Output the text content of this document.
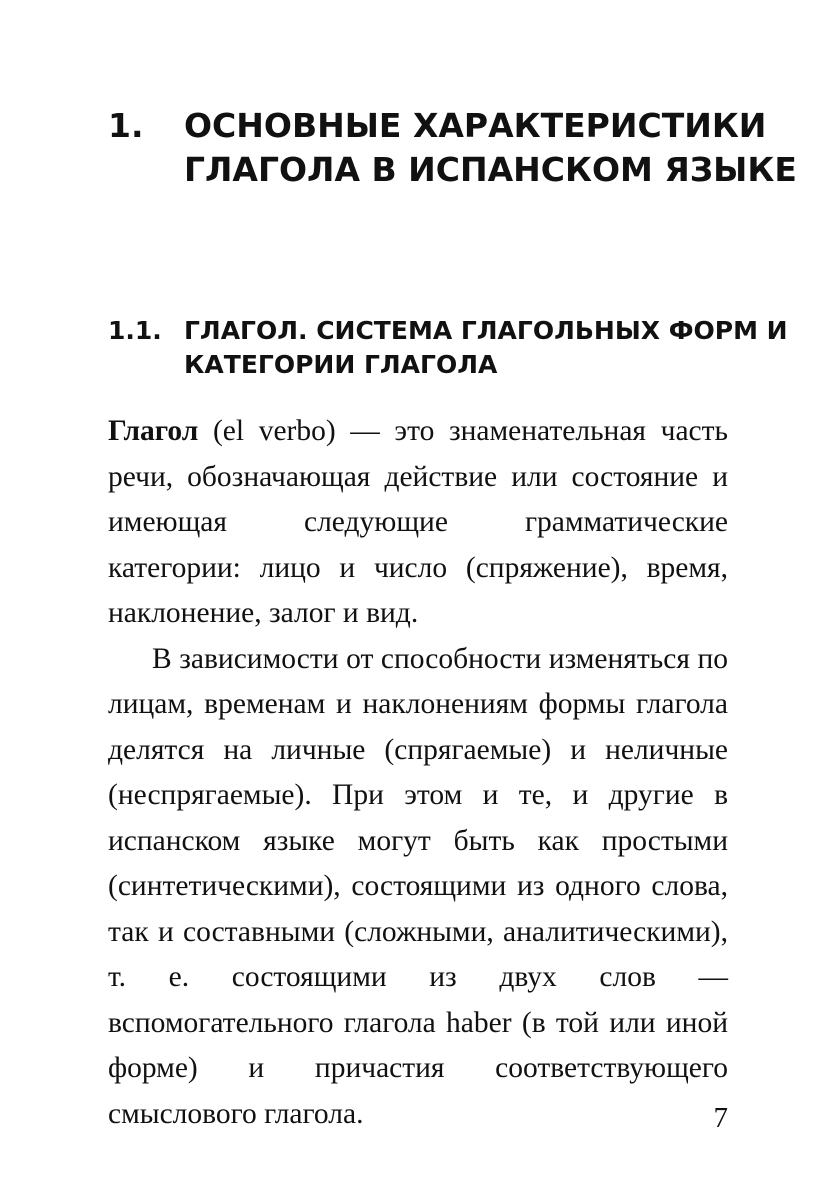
1.	ОСНОВНЫЕ ХАРАКТЕРИСТИКИ ГЛАГОЛА В ИСПАНСКОМ ЯЗЫКЕ
1.1. ГЛАГОЛ. СИСТЕМА ГЛАГОЛЬНЫХ ФОРМ И КАТЕГОРИИ ГЛАГОЛА

Глагол (el verbo) — это знаменательная часть речи, обозначающая действие или состояние и имеющая следующие грамматические категории: лицо и число (спряжение), время, наклонение, залог и вид.

В зависимости от способности изменяться по лицам, временам и наклонениям формы глагола делятся на личные (спрягаемые) и неличные (неспрягаемые). При этом и те, и другие в испанском языке могут быть как простыми (синтетическими), состоящими из одного слова, так и составными (сложными, аналитическими), т. е. состоящими из двух слов — вспомогательного глагола haber (в той или иной форме) и причастия соответствующего смыслового глагола.	7
